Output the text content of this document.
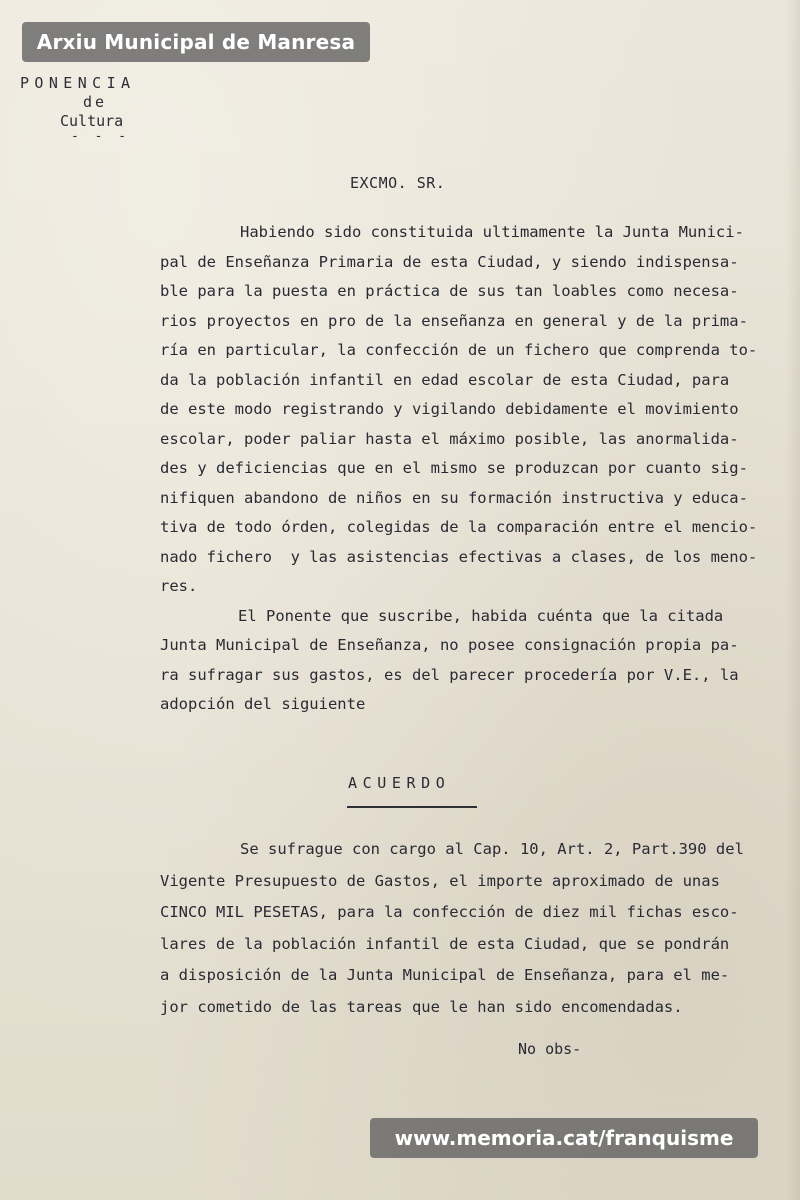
Arxiu Municipal de Manresa
PONENCIA
de
Cultura
- - -
EXCMO. SR.
Habiendo sido constituida ultimamente la Junta Munici-
pal de Enseñanza Primaria de esta Ciudad, y siendo indispensa-
ble para la puesta en práctica de sus tan loables como necesa-
rios proyectos en pro de la enseñanza en general y de la prima-
ría en particular, la confección de un fichero que comprenda to-
da la población infantil en edad escolar de esta Ciudad, para
de este modo registrando y vigilando debidamente el movimiento
escolar, poder paliar hasta el máximo posible, las anormalida-
des y deficiencias que en el mismo se produzcan por cuanto sig-
nifiquen abandono de niños en su formación instructiva y educa-
tiva de todo órden, colegidas de la comparación entre el mencio-
nado fichero  y las asistencias efectivas a clases, de los meno-
res.
El Ponente que suscribe, habida cuénta que la citada
Junta Municipal de Enseñanza, no posee consignación propia pa-
ra sufragar sus gastos, es del parecer procedería por V.E., la
adopción del siguiente
ACUERDO
Se sufrague con cargo al Cap. 10, Art. 2, Part.390 del
Vigente Presupuesto de Gastos, el importe aproximado de unas
CINCO MIL PESETAS, para la confección de diez mil fichas esco-
lares de la población infantil de esta Ciudad, que se pondrán
a disposición de la Junta Municipal de Enseñanza, para el me-
jor cometido de las tareas que le han sido encomendadas.
No obs-
www.memoria.cat/franquisme
